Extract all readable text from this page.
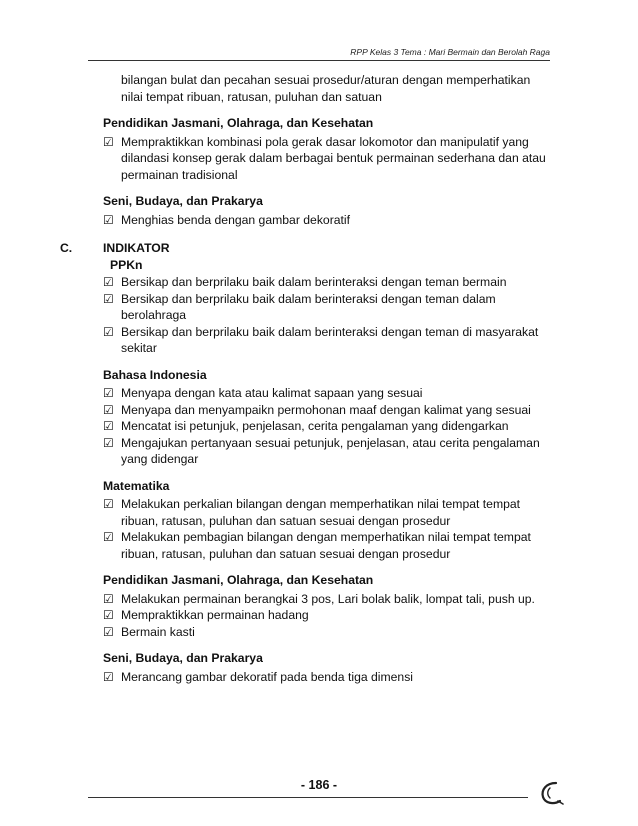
RPP Kelas 3 Tema : Mari Bermain dan Berolah Raga
bilangan bulat dan pecahan sesuai prosedur/aturan dengan memperhatikan
nilai tempat ribuan, ratusan, puluhan dan satuan
Pendidikan Jasmani, Olahraga, dan Kesehatan
☑ Mempraktikkan kombinasi pola gerak dasar lokomotor dan manipulatif yang
dilandasi konsep gerak dalam berbagai bentuk permainan sederhana dan atau
permainan tradisional
Seni, Budaya, dan Prakarya
☑ Menghias benda dengan gambar dekoratif
C.	INDIKATOR
PPKn
☑ Bersikap dan berprilaku baik dalam berinteraksi dengan teman bermain
☑ Bersikap dan berprilaku baik dalam berinteraksi dengan teman dalam
berolahraga
☑ Bersikap dan berprilaku baik dalam berinteraksi dengan teman di masyarakat
sekitar
Bahasa Indonesia
☑ Menyapa dengan kata atau kalimat sapaan yang sesuai
☑ Menyapa dan menyampaikn permohonan maaf dengan kalimat yang sesuai
☑ Mencatat isi petunjuk, penjelasan, cerita pengalaman yang didengarkan
☑ Mengajukan pertanyaan sesuai petunjuk, penjelasan, atau cerita pengalaman
yang didengar
Matematika
☑ Melakukan perkalian bilangan dengan memperhatikan nilai tempat tempat
ribuan, ratusan, puluhan dan satuan sesuai dengan prosedur
☑ Melakukan pembagian bilangan dengan memperhatikan nilai tempat tempat
ribuan, ratusan, puluhan dan satuan sesuai dengan prosedur
Pendidikan Jasmani, Olahraga, dan Kesehatan
☑ Melakukan permainan berangkai 3 pos, Lari bolak balik, lompat tali, push up.
☑ Mempraktikkan permainan hadang
☑ Bermain kasti
Seni, Budaya, dan Prakarya
☑ Merancang gambar dekoratif pada benda tiga dimensi
- 186 -
